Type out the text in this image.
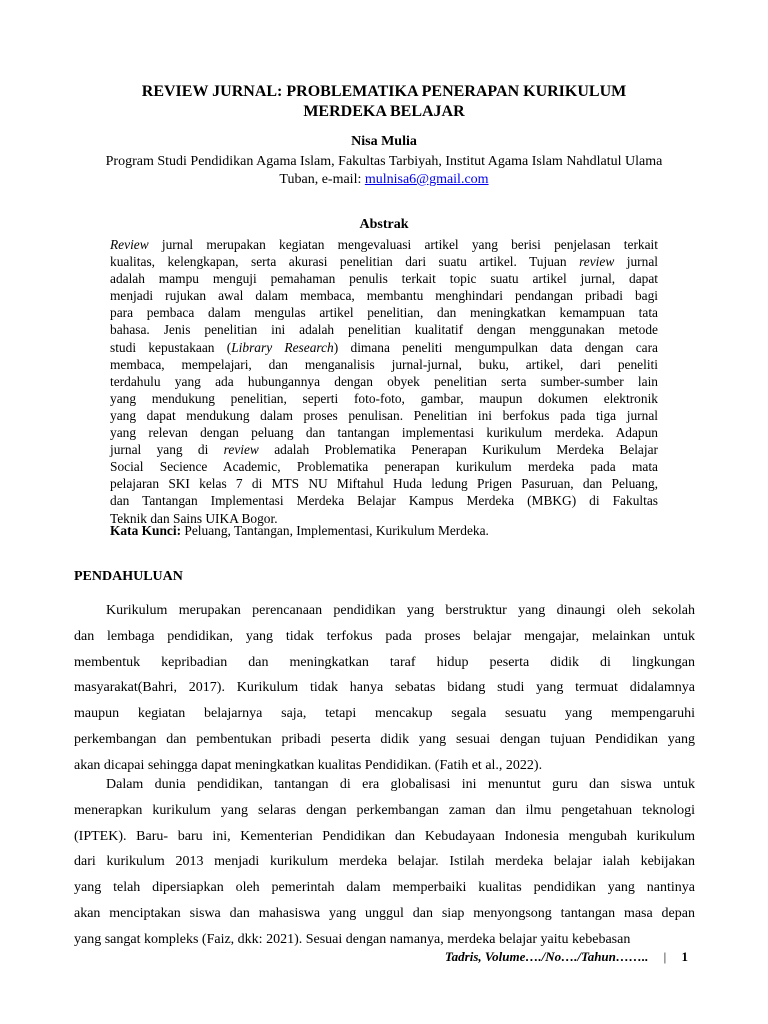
REVIEW JURNAL: PROBLEMATIKA PENERAPAN KURIKULUM
MERDEKA BELAJAR
Nisa Mulia
Program Studi Pendidikan Agama Islam, Fakultas Tarbiyah, Institut Agama Islam Nahdlatul Ulama
Tuban, e-mail: mulnisa6@gmail.com
Abstrak
Review jurnal merupakan kegiatan mengevaluasi artikel yang berisi penjelasan terkait
kualitas, kelengkapan, serta akurasi penelitian dari suatu artikel. Tujuan review jurnal
adalah mampu menguji pemahaman penulis terkait topic suatu artikel jurnal, dapat
menjadi rujukan awal dalam membaca, membantu menghindari pendangan pribadi bagi
para pembaca dalam mengulas artikel penelitian, dan meningkatkan kemampuan tata
bahasa. Jenis penelitian ini adalah penelitian kualitatif dengan menggunakan metode
studi kepustakaan (Library Research) dimana peneliti mengumpulkan data dengan cara
membaca, mempelajari, dan menganalisis jurnal-jurnal, buku, artikel, dari peneliti
terdahulu yang ada hubungannya dengan obyek penelitian serta sumber-sumber lain
yang mendukung penelitian, seperti foto-foto, gambar, maupun dokumen elektronik
yang dapat mendukung dalam proses penulisan. Penelitian ini berfokus pada tiga jurnal
yang relevan dengan peluang dan tantangan implementasi kurikulum merdeka. Adapun
jurnal yang di review adalah Problematika Penerapan Kurikulum Merdeka Belajar
Social Secience Academic, Problematika penerapan kurikulum merdeka pada mata
pelajaran SKI kelas 7 di MTS NU Miftahul Huda ledung Prigen Pasuruan, dan Peluang,
dan Tantangan Implementasi Merdeka Belajar Kampus Merdeka (MBKG) di Fakultas
Teknik dan Sains UIKA Bogor.
Kata Kunci: Peluang, Tantangan, Implementasi, Kurikulum Merdeka.
PENDAHULUAN
Kurikulum merupakan perencanaan pendidikan yang berstruktur yang dinaungi oleh sekolah
dan lembaga pendidikan, yang tidak terfokus pada proses belajar mengajar, melainkan untuk
membentuk kepribadian dan meningkatkan taraf hidup peserta didik di lingkungan
masyarakat(Bahri, 2017). Kurikulum tidak hanya sebatas bidang studi yang termuat didalamnya
maupun kegiatan belajarnya saja, tetapi mencakup segala sesuatu yang mempengaruhi
perkembangan dan pembentukan pribadi peserta didik yang sesuai dengan tujuan Pendidikan yang
akan dicapai sehingga dapat meningkatkan kualitas Pendidikan. (Fatih et al., 2022).
Dalam dunia pendidikan, tantangan di era globalisasi ini menuntut guru dan siswa untuk
menerapkan kurikulum yang selaras dengan perkembangan zaman dan ilmu pengetahuan teknologi
(IPTEK). Baru- baru ini, Kementerian Pendidikan dan Kebudayaan Indonesia mengubah kurikulum
dari kurikulum 2013 menjadi kurikulum merdeka belajar. Istilah merdeka belajar ialah kebijakan
yang telah dipersiapkan oleh pemerintah dalam memperbaiki kualitas pendidikan yang nantinya
akan menciptakan siswa dan mahasiswa yang unggul dan siap menyongsong tantangan masa depan
yang sangat kompleks (Faiz, dkk: 2021). Sesuai dengan namanya, merdeka belajar yaitu kebebasan
Tadris, Volume…./No…./Tahun…….. | 1
